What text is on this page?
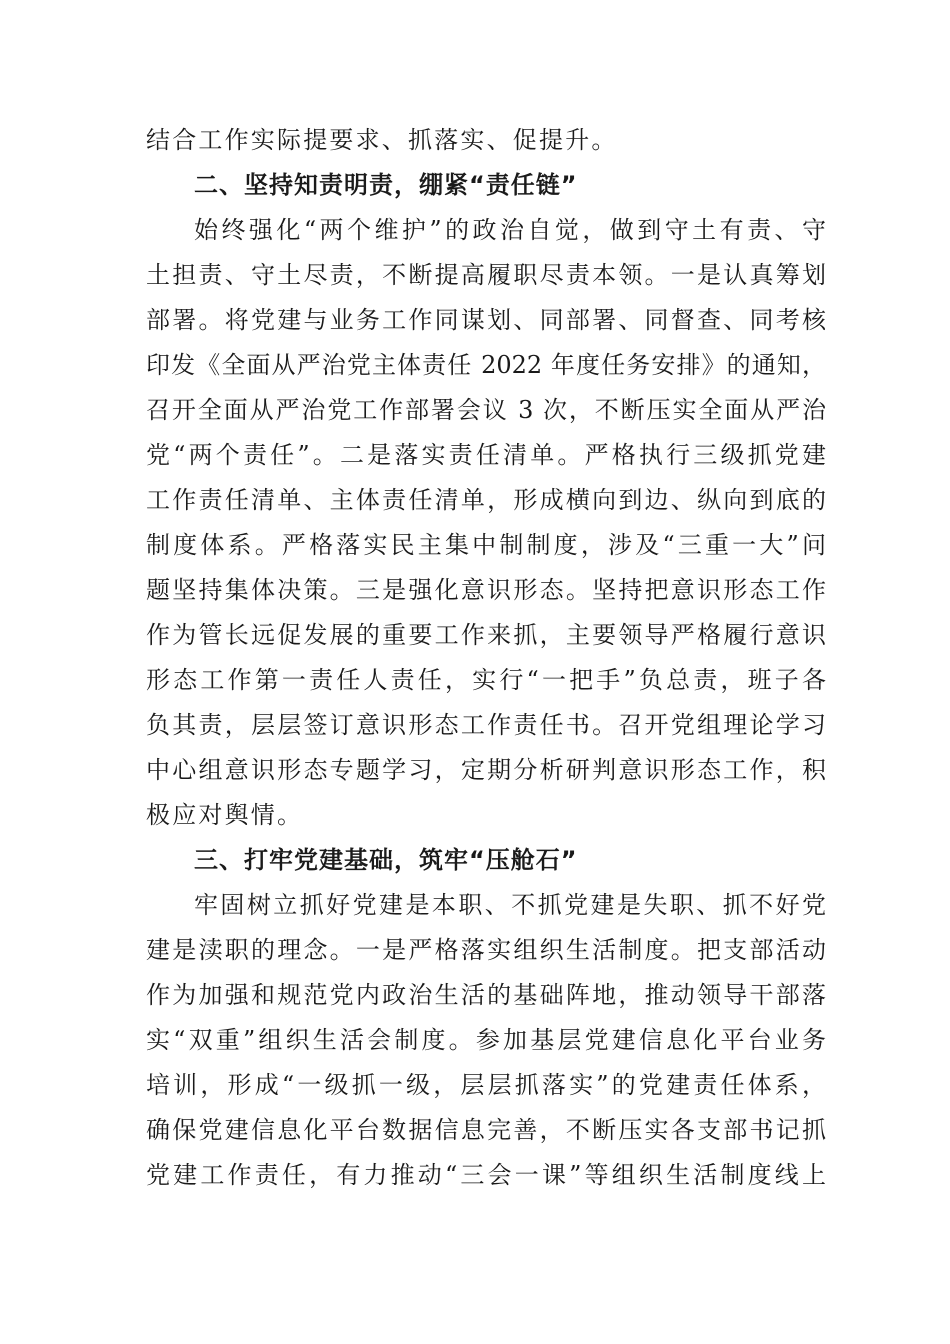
结合工作实际提要求、抓落实、促提升。
二、坚持知责明责，绷紧“责任链”
始终强化“两个维护”的政治自觉，做到守土有责、守
土担责、守土尽责，不断提高履职尽责本领。一是认真筹划
部署。将党建与业务工作同谋划、同部署、同督查、同考核
印发《全面从严治党主体责任 2022 年度任务安排》的通知，
召开全面从严治党工作部署会议 3 次，不断压实全面从严治
党“两个责任”。二是落实责任清单。严格执行三级抓党建
工作责任清单、主体责任清单，形成横向到边、纵向到底的
制度体系。严格落实民主集中制制度，涉及“三重一大”问
题坚持集体决策。三是强化意识形态。坚持把意识形态工作
作为管长远促发展的重要工作来抓，主要领导严格履行意识
形态工作第一责任人责任，实行“一把手”负总责，班子各
负其责，层层签订意识形态工作责任书。召开党组理论学习
中心组意识形态专题学习，定期分析研判意识形态工作，积
极应对舆情。
三、打牢党建基础，筑牢“压舱石”
牢固树立抓好党建是本职、不抓党建是失职、抓不好党
建是渎职的理念。一是严格落实组织生活制度。把支部活动
作为加强和规范党内政治生活的基础阵地，推动领导干部落
实“双重”组织生活会制度。参加基层党建信息化平台业务
培训，形成“一级抓一级，层层抓落实”的党建责任体系，
确保党建信息化平台数据信息完善，不断压实各支部书记抓
党建工作责任，有力推动“三会一课”等组织生活制度线上
